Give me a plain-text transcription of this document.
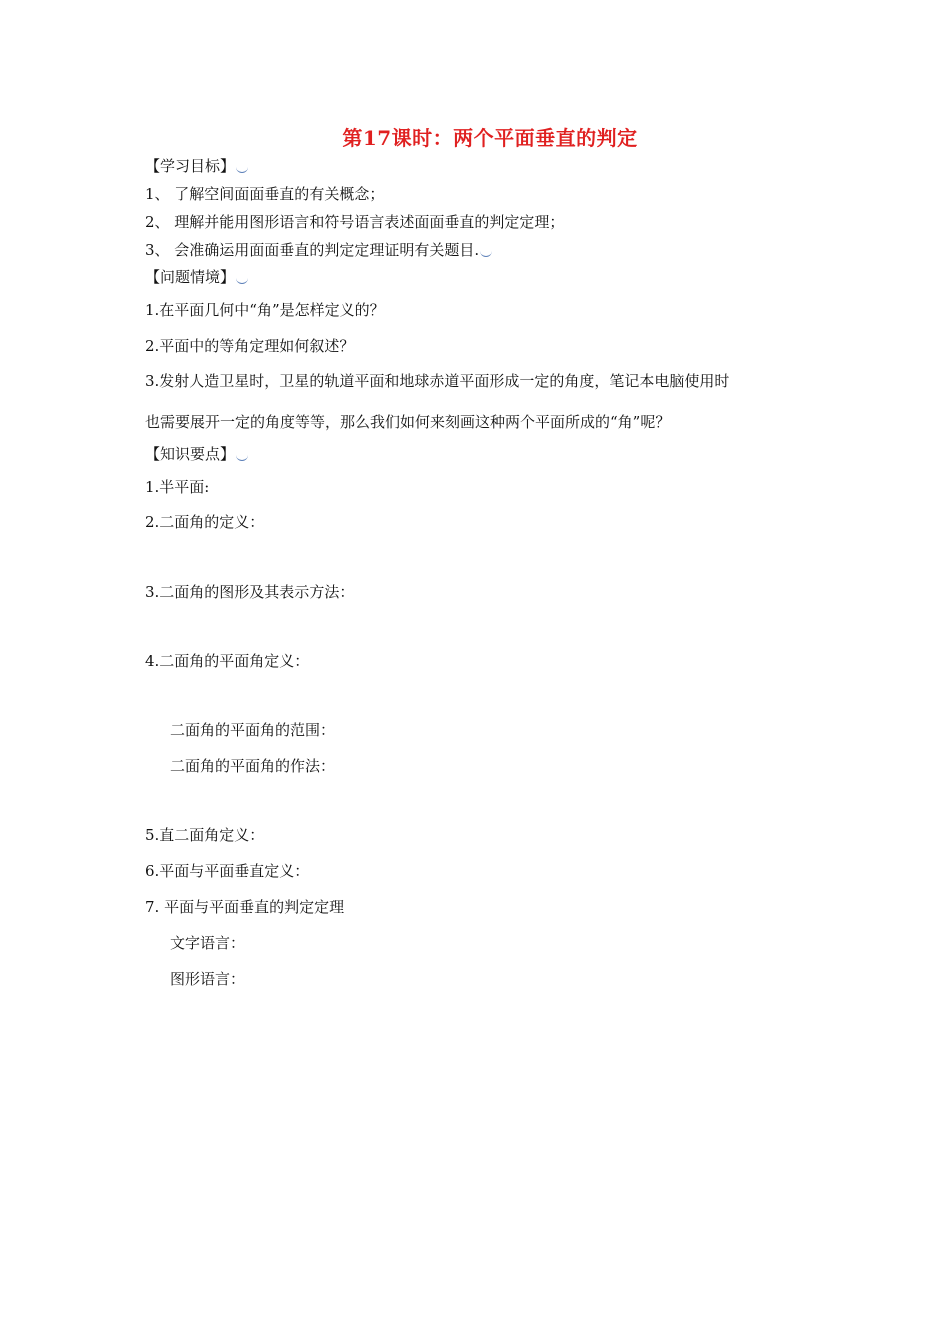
第17课时：两个平面垂直的判定
【学习目标】
1、 了解空间面面垂直的有关概念；
2、 理解并能用图形语言和符号语言表述面面垂直的判定定理；
3、 会准确运用面面垂直的判定定理证明有关题目.
【问题情境】
1.在平面几何中“角”是怎样定义的？
2.平面中的等角定理如何叙述？
3.发射人造卫星时，卫星的轨道平面和地球赤道平面形成一定的角度，笔记本电脑使用时
也需要展开一定的角度等等，那么我们如何来刻画这种两个平面所成的“角”呢？
【知识要点】
1.半平面:
2.二面角的定义：
3.二面角的图形及其表示方法：
4.二面角的平面角定义：
二面角的平面角的范围：
二面角的平面角的作法：
5.直二面角定义：
6.平面与平面垂直定义：
7. 平面与平面垂直的判定定理
文字语言：
图形语言：
